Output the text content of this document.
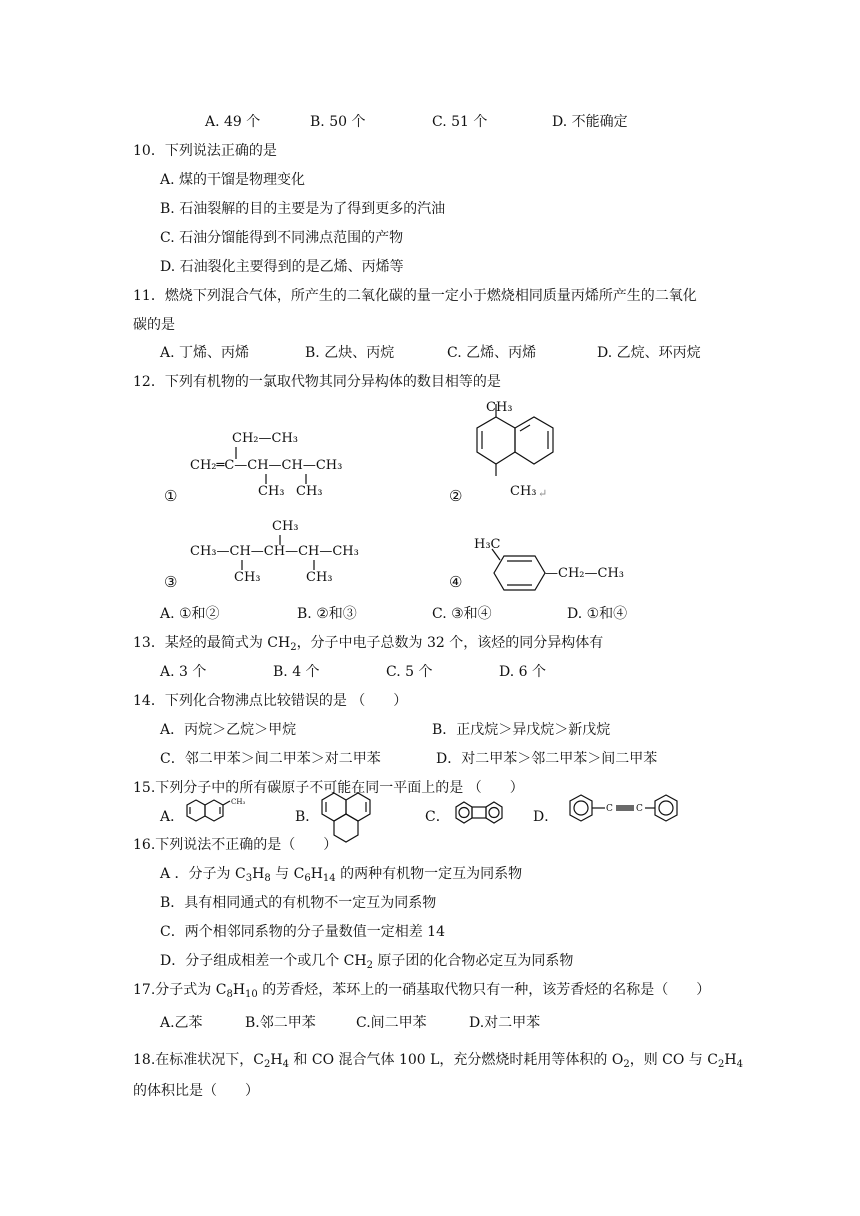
A. 49 个	B. 50 个	C. 51 个	D. 不能确定
10．下列说法正确的是
A. 煤的干馏是物理变化
B. 石油裂解的目的主要是为了得到更多的汽油
C. 石油分馏能得到不同沸点范围的产物
D. 石油裂化主要得到的是乙烯、丙烯等
11．燃烧下列混合气体，所产生的二氧化碳的量一定小于燃烧相同质量丙烯所产生的二氧化
碳的是
A. 丁烯、丙烯	B. 乙炔、丙烷	C. 乙烯、丙烯	D. 乙烷、环丙烷
12．下列有机物的一氯取代物其同分异构体的数目相等的是
CH₂—CH₃
CH₂═C—CH—CH—CH₃
CH₃ CH₃
①
CH₃
CH₃ ↵
②
CH₃
CH₃—CH—CH—CH—CH₃
CH₃	CH₃
③
H₃C
—CH₂—CH₃
④
A. ①和②	B. ②和③	C. ③和④	D. ①和④
13．某烃的最简式为 $CH_2$，分子中电子总数为 32 个，该烃的同分异构体有
A. 3 个	B. 4 个	C. 5 个	D. 6 个
14．下列化合物沸点比较错误的是 （　　）
A．丙烷＞乙烷＞甲烷	B．正戊烷＞异戊烷＞新戊烷
C．邻二甲苯＞间二甲苯＞对二甲苯	D．对二甲苯＞邻二甲苯＞间二甲苯
15.下列分子中的所有碳原子不可能在同一平面上的是 （　　）
A．	B．	C．	D．
CH₃
C	C
16.下列说法不正确的是（　　）
A ．分子为 $C_3H_8$ 与 $C_6H_{14}$ 的两种有机物一定互为同系物
B．具有相同通式的有机物不一定互为同系物
C．两个相邻同系物的分子量数值一定相差 14
D．分子组成相差一个或几个 $CH_2$ 原子团的化合物必定互为同系物
17.分子式为 $C_8H_{10}$ 的芳香烃，苯环上的一硝基取代物只有一种，该芳香烃的名称是（　　）
A.乙苯	B.邻二甲苯	C.间二甲苯	D.对二甲苯
18.在标准状况下，$C_2H_4$ 和 CO 混合气体 100 L，充分燃烧时耗用等体积的 $O_2$，则 CO 与 $C_2H_4$
的体积比是（　　）
